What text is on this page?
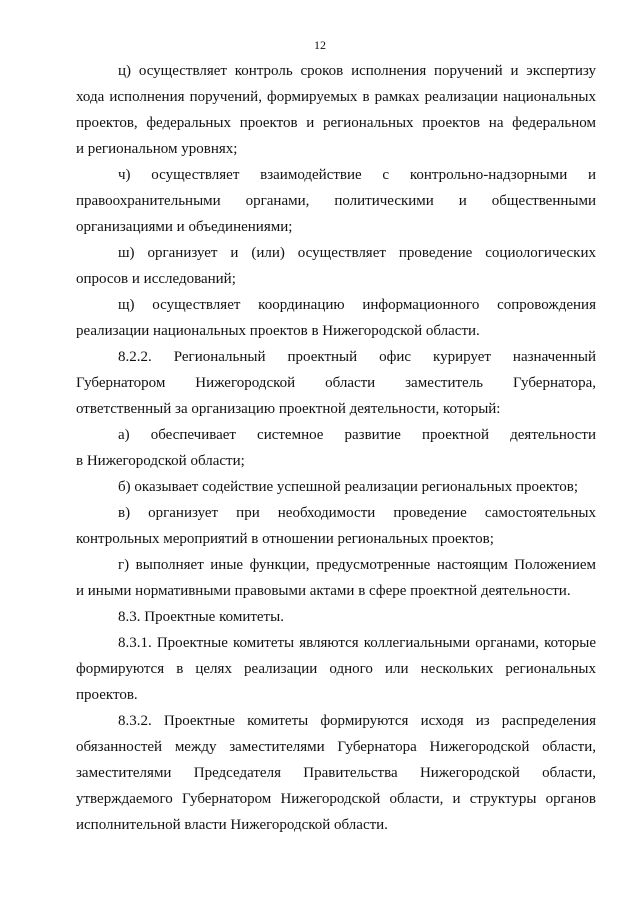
12
ц) осуществляет контроль сроков исполнения поручений и экспертизу
хода исполнения поручений, формируемых в рамках реализации национальных
проектов, федеральных проектов и региональных проектов на федеральном
и региональном уровнях;
ч) осуществляет взаимодействие с контрольно-надзорными и
правоохранительными органами, политическими и общественными
организациями и объединениями;
ш) организует и (или) осуществляет проведение социологических
опросов и исследований;
щ) осуществляет координацию информационного сопровождения
реализации национальных проектов в Нижегородской области.
8.2.2. Региональный проектный офис курирует назначенный
Губернатором Нижегородской области заместитель Губернатора,
ответственный за организацию проектной деятельности, который:
а) обеспечивает системное развитие проектной деятельности
в Нижегородской области;
б) оказывает содействие успешной реализации региональных проектов;
в) организует при необходимости проведение самостоятельных
контрольных мероприятий в отношении региональных проектов;
г) выполняет иные функции, предусмотренные настоящим Положением
и иными нормативными правовыми актами в сфере проектной деятельности.
8.3. Проектные комитеты.
8.3.1. Проектные комитеты являются коллегиальными органами, которые
формируются в целях реализации одного или нескольких региональных
проектов.
8.3.2. Проектные комитеты формируются исходя из распределения
обязанностей между заместителями Губернатора Нижегородской области,
заместителями Председателя Правительства Нижегородской области,
утверждаемого Губернатором Нижегородской области, и структуры органов
исполнительной власти Нижегородской области.
